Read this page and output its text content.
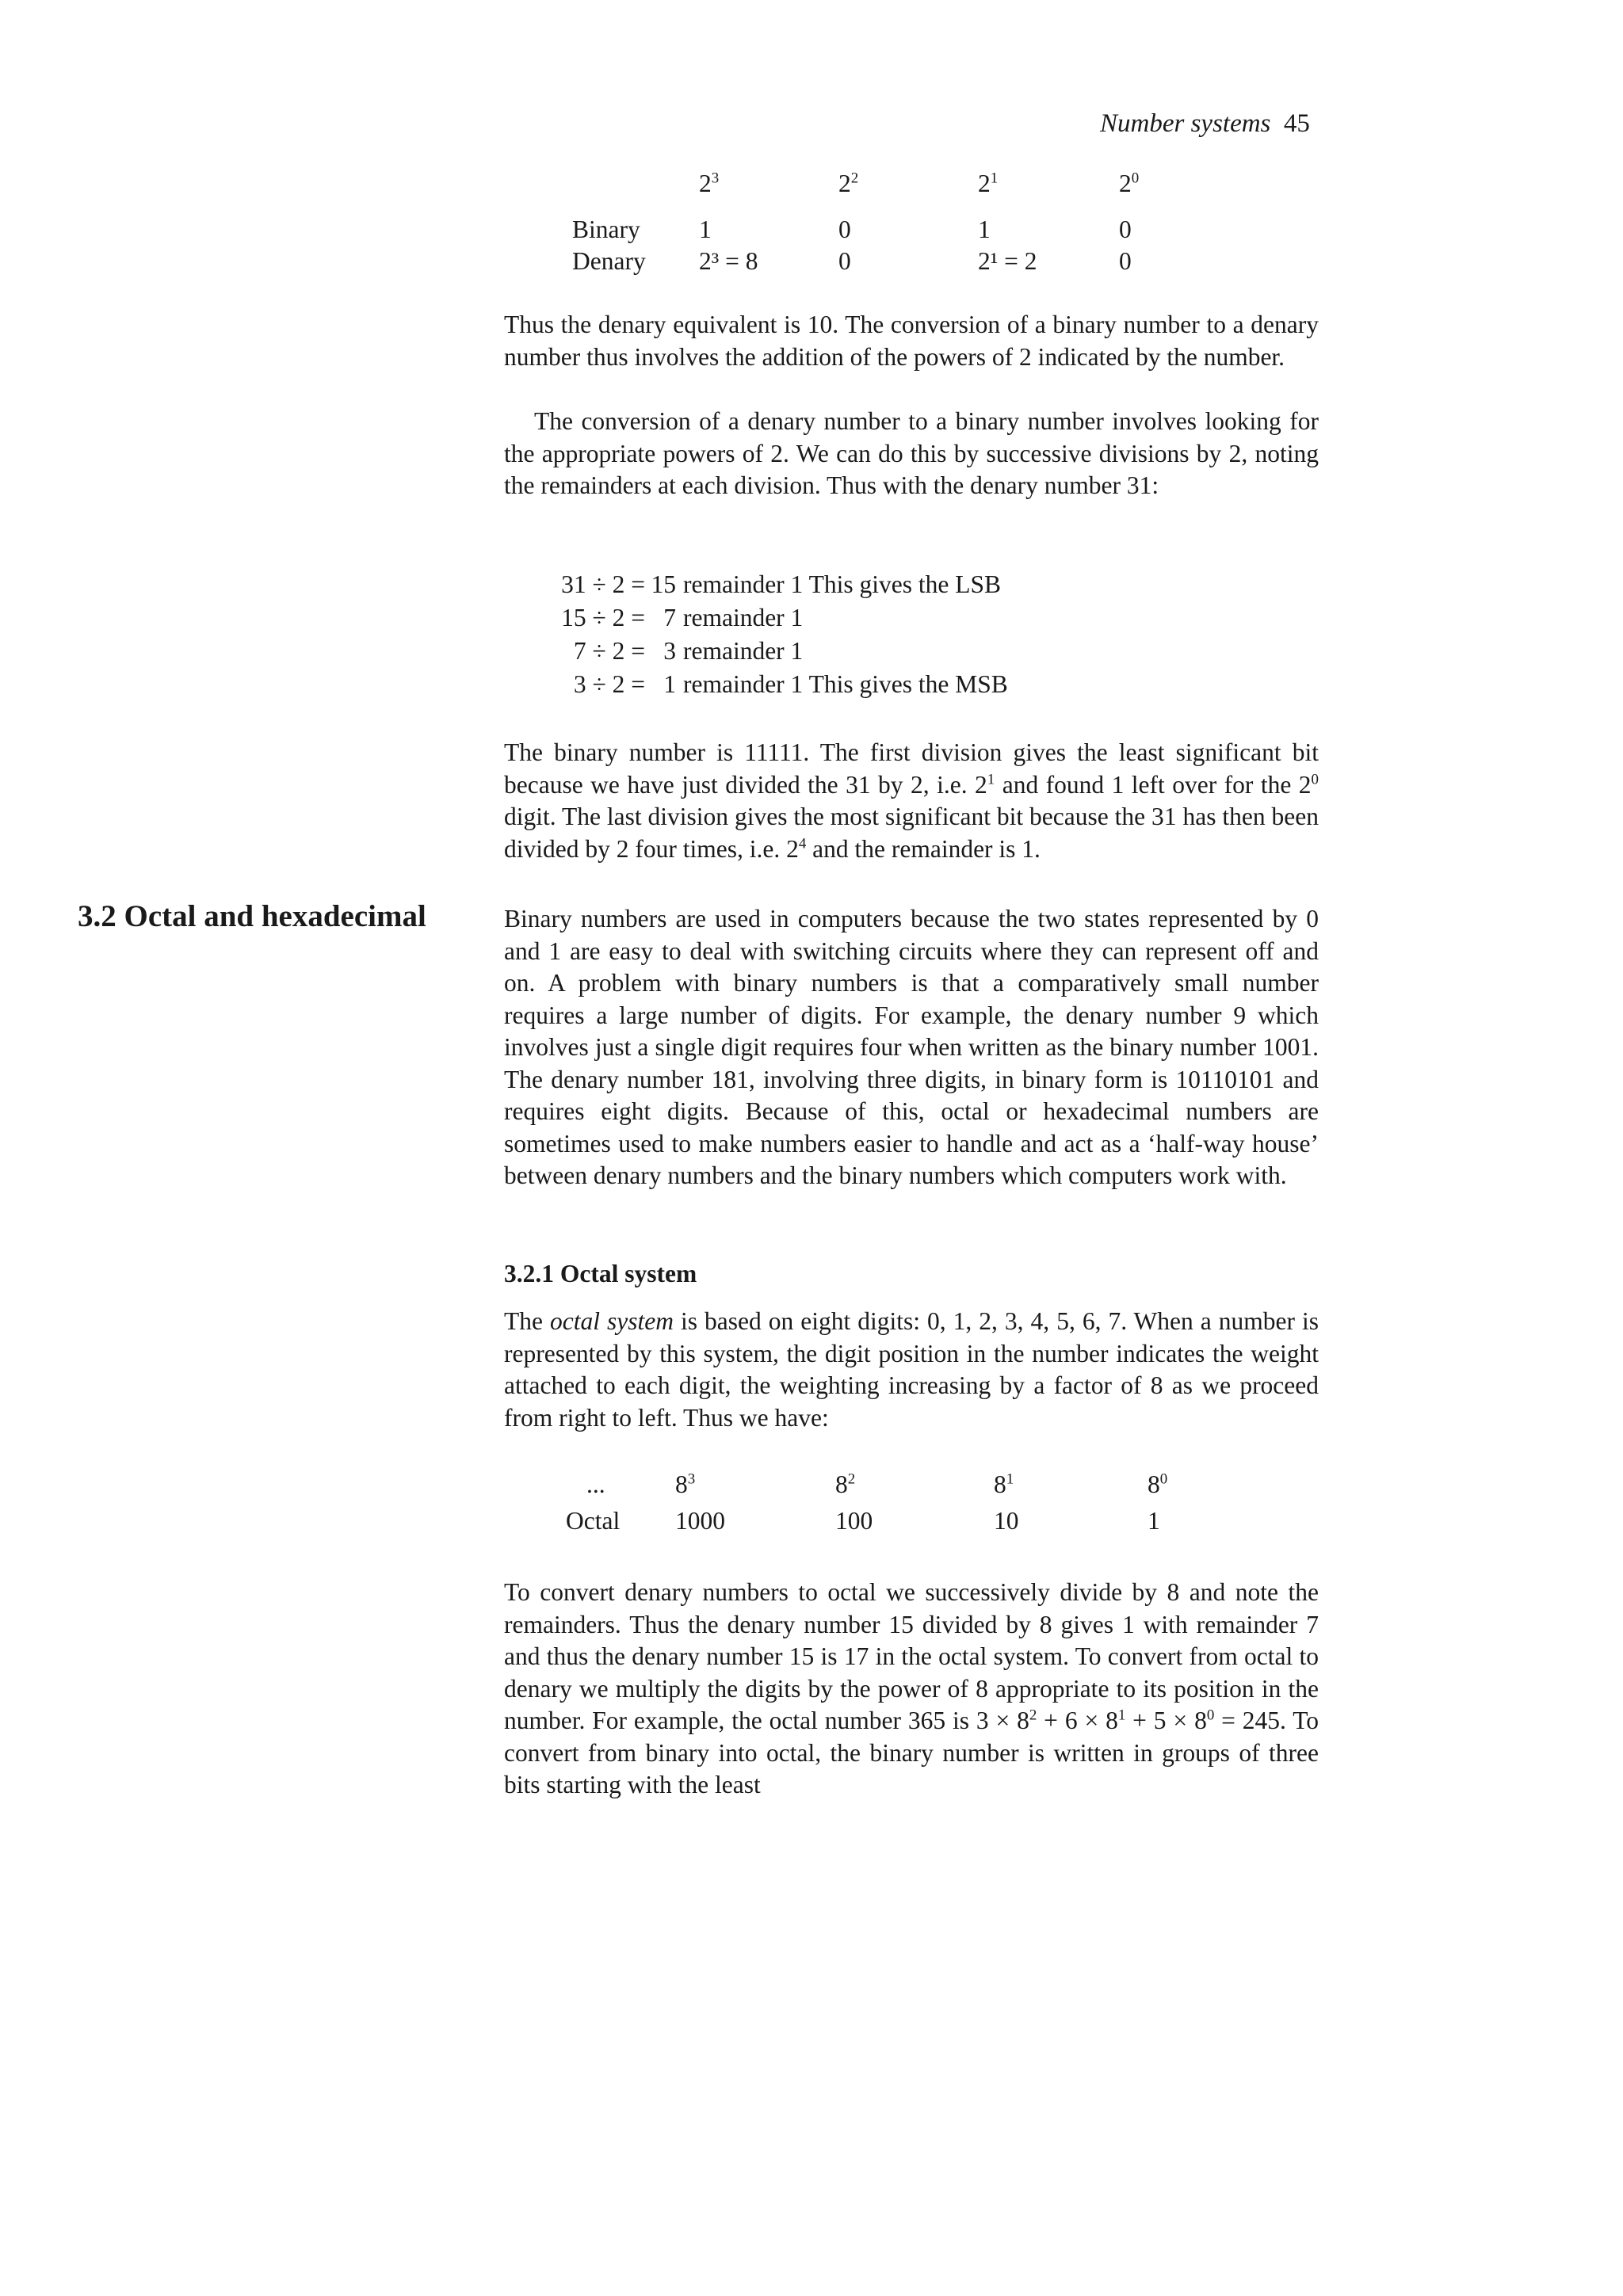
Number systems 45
$2^3$	$2^2$	$2^1$	$2^0$
Binary 1	0	1	0
Denary 2³ = 8	0	2¹ = 2	0
Thus the denary equivalent is 10. The conversion of a binary number to a denary number thus involves the addition of the powers of 2 indicated by the number.
The conversion of a denary number to a binary number involves looking for the appropriate powers of 2. We can do this by successive divisions by 2, noting the remainders at each division. Thus with the denary number 31:
31 ÷ 2 = 15 remainder 1 This gives the LSB
15 ÷ 2 = 7 remainder 1
7 ÷ 2 = 3 remainder 1
3 ÷ 2 = 1 remainder 1 This gives the MSB
The binary number is 11111. The first division gives the least significant bit because we have just divided the 31 by 2, i.e. $2^1$ and found 1 left over for the $2^0$ digit. The last division gives the most significant bit because the 31 has then been divided by 2 four times, i.e. $2^4$ and the remainder is 1.
3.2 Octal and hexadecimal	Binary numbers are used in computers because the two states represented by 0 and 1 are easy to deal with switching circuits where they can represent off and on. A problem with binary numbers is that a comparatively small number requires a large number of digits. For example, the denary number 9 which involves just a single digit requires four when written as the binary number 1001. The denary number 181, involving three digits, in binary form is 10110101 and requires eight digits. Because of this, octal or hexadecimal numbers are sometimes used to make numbers easier to handle and act as a ‘half-way house’ between denary numbers and the binary numbers which computers work with.
3.2.1 Octal system
The octal system is based on eight digits: 0, 1, 2, 3, 4, 5, 6, 7. When a number is represented by this system, the digit position in the number indicates the weight attached to each digit, the weighting increasing by a factor of 8 as we proceed from right to left. Thus we have:
...	$8^3$	$8^2$	$8^1$	$8^0$
Octal 1000	100	10	1
To convert denary numbers to octal we successively divide by 8 and note the remainders. Thus the denary number 15 divided by 8 gives 1 with remainder 7 and thus the denary number 15 is 17 in the octal system. To convert from octal to denary we multiply the digits by the power of 8 appropriate to its position in the number. For example, the octal number 365 is $3 \times 8^2 + 6 \times 8^1 + 5 \times 8^0 = 245$. To convert from binary into octal, the binary number is written in groups of three bits starting with the least
